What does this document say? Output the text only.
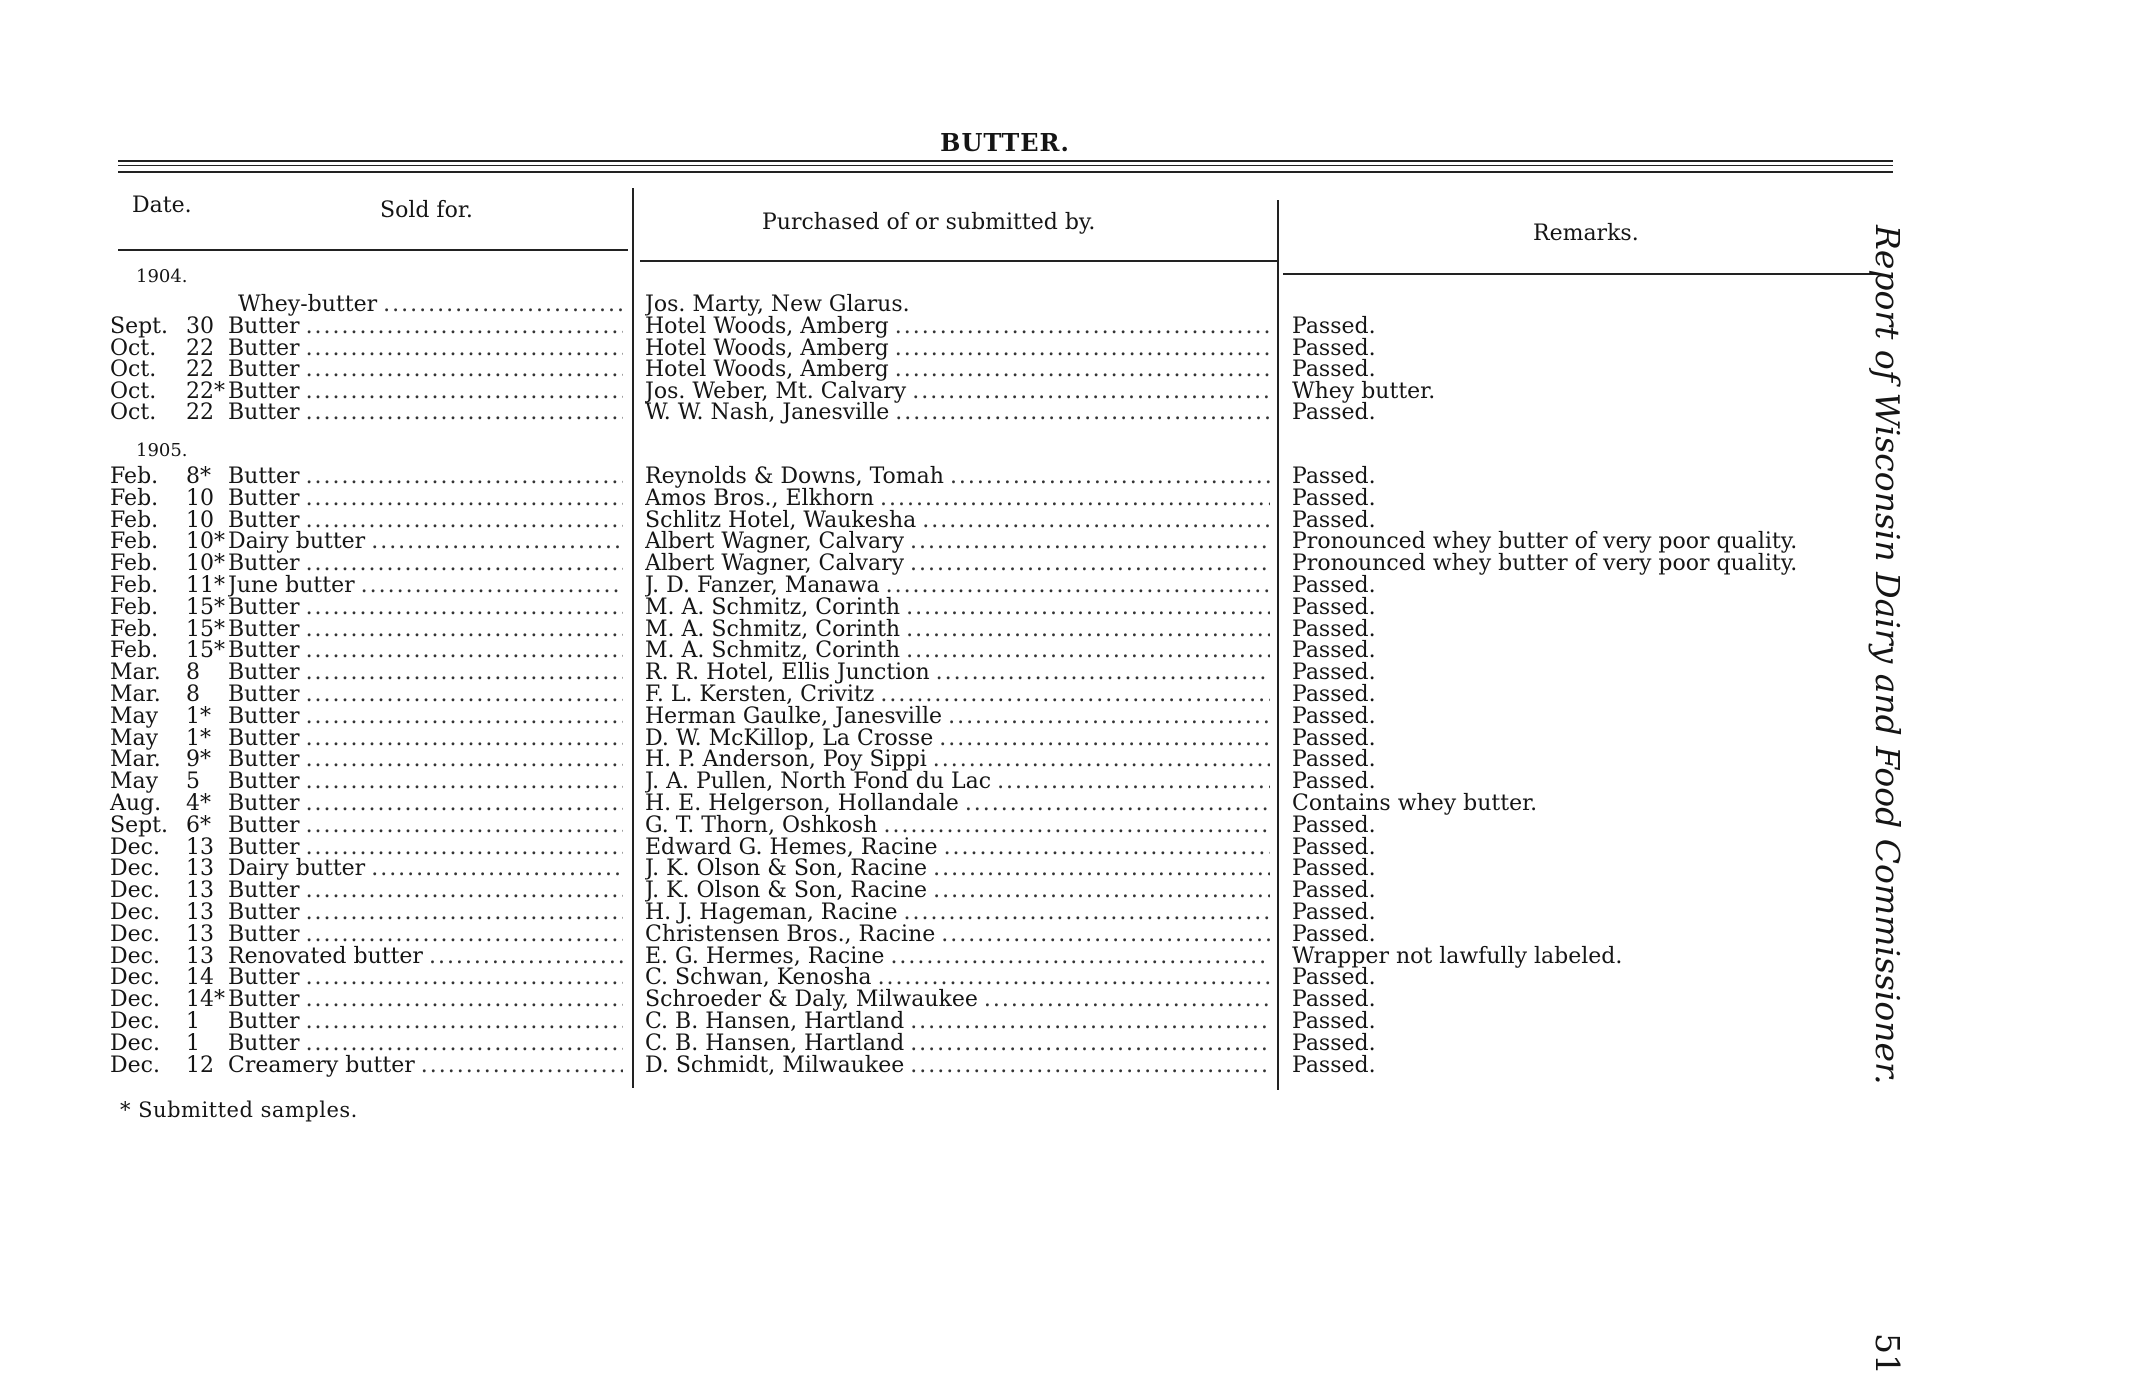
BUTTER.
Date.	Sold for.	Purchased of or submitted by.	Remarks.
1904.
Whey-butter .....	Jos. Marty, New Glarus.
Sept. 30 Butter .....	Hotel Woods, Amberg .....	Passed.
Oct. 22 Butter .....	Hotel Woods, Amberg .....	Passed.
Oct. 22 Butter .....	Hotel Woods, Amberg .....	Passed.
Oct. 22* Butter .....	Jos. Weber, Mt. Calvary .....	Whey butter.
Oct. 22 Butter .....	W. W. Nash, Janesville .....	Passed.
1905.
Feb. 8* Butter .....	Reynolds & Downs, Tomah .....	Passed.
Feb. 10 Butter .....	Amos Bros., Elkhorn .....	Passed.
Feb. 10 Butter .....	Schlitz Hotel, Waukesha .....	Passed.
Feb. 10* Dairy butter .....	Albert Wagner, Calvary .....	Pronounced whey butter of very poor quality.
Feb. 10* Butter .....	Albert Wagner, Calvary .....	Pronounced whey butter of very poor quality.
Feb. 11* June butter .....	J. D. Fanzer, Manawa .....	Passed.
Feb. 15* Butter .....	M. A. Schmitz, Corinth .....	Passed.
Feb. 15* Butter .....	M. A. Schmitz, Corinth .....	Passed.
Feb. 15* Butter .....	M. A. Schmitz, Corinth .....	Passed.
Mar. 8	Butter .....	R. R. Hotel, Ellis Junction .....	Passed.
Mar. 8	Butter .....	F. L. Kersten, Crivitz .....	Passed.
May 1* Butter .....	Herman Gaulke, Janesville .....	Passed.
May 1* Butter .....	D. W. McKillop, La Crosse .....	Passed.
Mar. 9* Butter .....	H. P. Anderson, Poy Sippi .....	Passed.
May 5	Butter .....	J. A. Pullen, North Fond du Lac .....	Passed.
Aug. 4* Butter .....	H. E. Helgerson, Hollandale .....	Contains whey butter.
Sept. 6* Butter .....	G. T. Thorn, Oshkosh .....	Passed.
Dec. 13 Butter .....	Edward G. Hemes, Racine .....	Passed.
Dec. 13 Dairy butter .....	J. K. Olson & Son, Racine .....	Passed.
Dec. 13 Butter .....	J. K. Olson & Son, Racine .....	Passed.
Dec. 13 Butter .....	H. J. Hageman, Racine .....	Passed.
Dec. 13 Butter .....	Christensen Bros., Racine .....	Passed.
Dec. 13 Renovated butter .....	E. G. Hermes, Racine .....	Wrapper not lawfully labeled.
Dec. 14 Butter .....	C. Schwan, Kenosha .....	Passed.
Dec. 14* Butter .....	Schroeder & Daly, Milwaukee .....	Passed.
Dec. 1	Butter .....	C. B. Hansen, Hartland .....	Passed.
Dec. 1	Butter .....	C. B. Hansen, Hartland .....	Passed.
Dec. 12 Creamery butter .....	D. Schmidt, Milwaukee .....	Passed.
* Submitted samples.
Report of Wisconsin Dairy and Food Commissioner.
51
